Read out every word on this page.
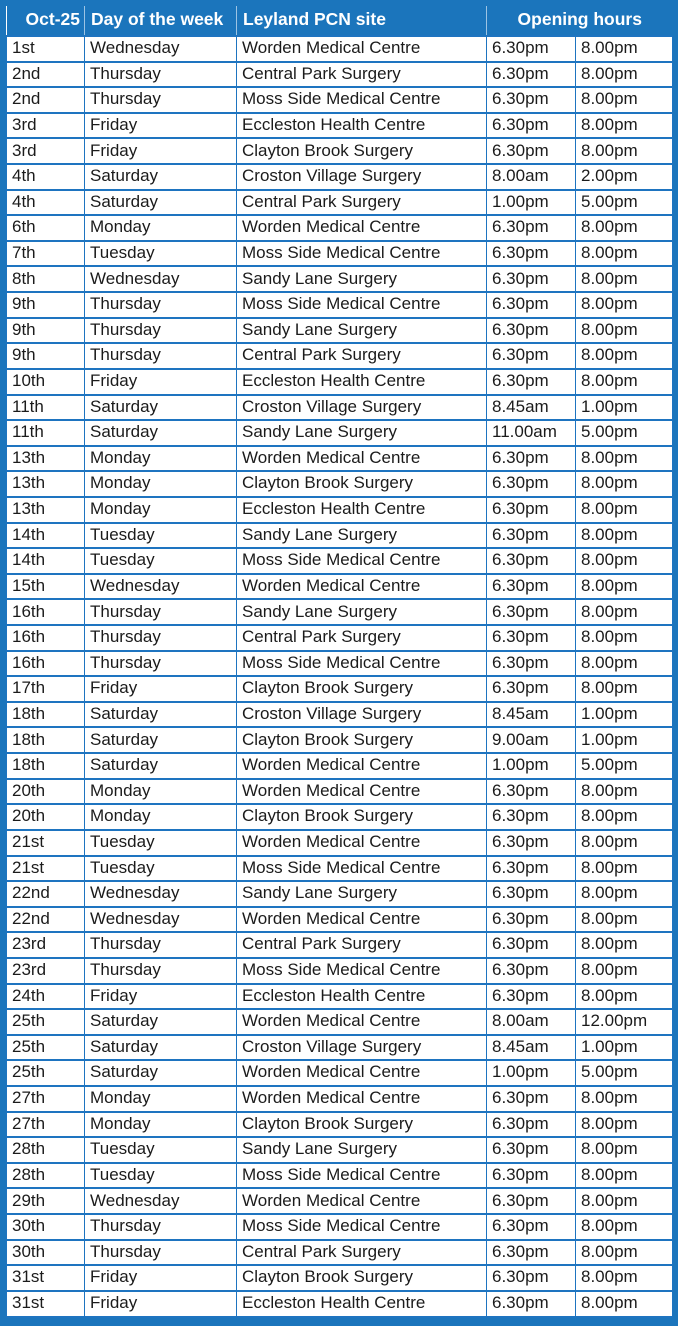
Oct-25	Day of the week	Leyland PCN site	Opening hours	
1st	Wednesday	Worden Medical Centre	6.30pm	8.00pm
2nd	Thursday	Central Park Surgery	6.30pm	8.00pm
2nd	Thursday	Moss Side Medical Centre	6.30pm	8.00pm
3rd	Friday	Eccleston Health Centre	6.30pm	8.00pm
3rd	Friday	Clayton Brook Surgery	6.30pm	8.00pm
4th	Saturday	Croston Village Surgery	8.00am	2.00pm
4th	Saturday	Central Park Surgery	1.00pm	5.00pm
6th	Monday	Worden Medical Centre	6.30pm	8.00pm
7th	Tuesday	Moss Side Medical Centre	6.30pm	8.00pm
8th	Wednesday	Sandy Lane Surgery	6.30pm	8.00pm
9th	Thursday	Moss Side Medical Centre	6.30pm	8.00pm
9th	Thursday	Sandy Lane Surgery	6.30pm	8.00pm
9th	Thursday	Central Park Surgery	6.30pm	8.00pm
10th	Friday	Eccleston Health Centre	6.30pm	8.00pm
11th	Saturday	Croston Village Surgery	8.45am	1.00pm
11th	Saturday	Sandy Lane Surgery	11.00am	5.00pm
13th	Monday	Worden Medical Centre	6.30pm	8.00pm
13th	Monday	Clayton Brook Surgery	6.30pm	8.00pm
13th	Monday	Eccleston Health Centre	6.30pm	8.00pm
14th	Tuesday	Sandy Lane Surgery	6.30pm	8.00pm
14th	Tuesday	Moss Side Medical Centre	6.30pm	8.00pm
15th	Wednesday	Worden Medical Centre	6.30pm	8.00pm
16th	Thursday	Sandy Lane Surgery	6.30pm	8.00pm
16th	Thursday	Central Park Surgery	6.30pm	8.00pm
16th	Thursday	Moss Side Medical Centre	6.30pm	8.00pm
17th	Friday	Clayton Brook Surgery	6.30pm	8.00pm
18th	Saturday	Croston Village Surgery	8.45am	1.00pm
18th	Saturday	Clayton Brook Surgery	9.00am	1.00pm
18th	Saturday	Worden Medical Centre	1.00pm	5.00pm
20th	Monday	Worden Medical Centre	6.30pm	8.00pm
20th	Monday	Clayton Brook Surgery	6.30pm	8.00pm
21st	Tuesday	Worden Medical Centre	6.30pm	8.00pm
21st	Tuesday	Moss Side Medical Centre	6.30pm	8.00pm
22nd	Wednesday	Sandy Lane Surgery	6.30pm	8.00pm
22nd	Wednesday	Worden Medical Centre	6.30pm	8.00pm
23rd	Thursday	Central Park Surgery	6.30pm	8.00pm
23rd	Thursday	Moss Side Medical Centre	6.30pm	8.00pm
24th	Friday	Eccleston Health Centre	6.30pm	8.00pm
25th	Saturday	Worden Medical Centre	8.00am	12.00pm
25th	Saturday	Croston Village Surgery	8.45am	1.00pm
25th	Saturday	Worden Medical Centre	1.00pm	5.00pm
27th	Monday	Worden Medical Centre	6.30pm	8.00pm
27th	Monday	Clayton Brook Surgery	6.30pm	8.00pm
28th	Tuesday	Sandy Lane Surgery	6.30pm	8.00pm
28th	Tuesday	Moss Side Medical Centre	6.30pm	8.00pm
29th	Wednesday	Worden Medical Centre	6.30pm	8.00pm
30th	Thursday	Moss Side Medical Centre	6.30pm	8.00pm
30th	Thursday	Central Park Surgery	6.30pm	8.00pm
31st	Friday	Clayton Brook Surgery	6.30pm	8.00pm
31st	Friday	Eccleston Health Centre	6.30pm	8.00pm
